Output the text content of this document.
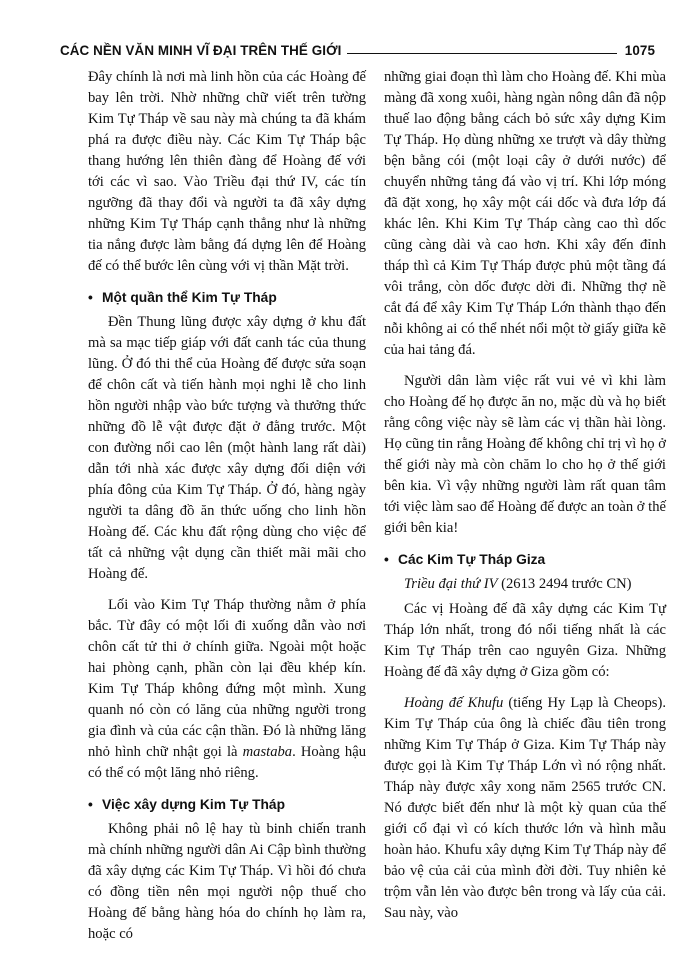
CÁC NỀN VĂN MINH VĨ ĐẠI TRÊN THẾ GIỚI	1075

Đây chính là nơi mà linh hồn của các Hoàng đế bay lên trời. Nhờ những chữ viết trên tường Kim Tự Tháp về sau này mà chúng ta đã khám phá ra được điều này. Các Kim Tự Tháp bậc thang hướng lên thiên đàng để Hoàng đế với tới các vì sao. Vào Triều đại thứ IV, các tín ngưỡng đã thay đổi và người ta đã xây dựng những Kim Tự Tháp cạnh thẳng như là những tia nắng được làm bằng đá dựng lên để Hoàng đế có thể bước lên cùng với vị thần Mặt trời.

• Một quần thể Kim Tự Tháp

Đền Thung lũng được xây dựng ở khu đất mà sa mạc tiếp giáp với đất canh tác của thung lũng. Ở đó thi thể của Hoàng đế được sửa soạn để chôn cất và tiến hành mọi nghi lễ cho linh hồn người nhập vào bức tượng và thưởng thức những đồ lễ vật được đặt ở đằng trước. Một con đường nổi cao lên (một hành lang rất dài) dẫn tới nhà xác được xây dựng đối diện với phía đông của Kim Tự Tháp. Ở đó, hàng ngày người ta dâng đồ ăn thức uống cho linh hồn Hoàng đế. Các khu đất rộng dùng cho việc để tất cả những vật dụng cần thiết mãi mãi cho Hoàng đế.

Lối vào Kim Tự Tháp thường nằm ở phía bắc. Từ đây có một lối đi xuống dẫn vào nơi chôn cất tử thi ở chính giữa. Ngoài một hoặc hai phòng cạnh, phần còn lại đều khép kín. Kim Tự Tháp không đứng một mình. Xung quanh nó còn có lăng của những người trong gia đình và của các cận thần. Đó là những lăng nhỏ hình chữ nhật gọi là mastaba. Hoàng hậu có thể có một lăng nhỏ riêng.

• Việc xây dựng Kim Tự Tháp

Không phải nô lệ hay tù binh chiến tranh mà chính những người dân Ai Cập bình thường đã xây dựng các Kim Tự Tháp. Vì hồi đó chưa có đồng tiền nên mọi người nộp thuế cho Hoàng đế bằng hàng hóa do chính họ làm ra, hoặc có

những giai đoạn thì làm cho Hoàng đế. Khi mùa màng đã xong xuôi, hàng ngàn nông dân đã nộp thuế lao động bằng cách bỏ sức xây dựng Kim Tự Tháp. Họ dùng những xe trượt và dây thừng bện bằng cói (một loại cây ở dưới nước) để chuyển những tảng đá vào vị trí. Khi lớp móng đã đặt xong, họ xây một cái dốc và đưa lớp đá khác lên. Khi Kim Tự Tháp càng cao thì dốc cũng càng dài và cao hơn. Khi xây đến đỉnh tháp thì cả Kim Tự Tháp được phủ một tầng đá vôi trắng, còn dốc được dời đi. Những thợ nề cắt đá để xây Kim Tự Tháp Lớn thành thạo đến nỗi không ai có thể nhét nổi một tờ giấy giữa kẽ của hai tảng đá.

Người dân làm việc rất vui vẻ vì khi làm cho Hoàng đế họ được ăn no, mặc dù và họ biết rằng công việc này sẽ làm các vị thần hài lòng. Họ cũng tin rằng Hoàng đế không chỉ trị vì họ ở thế giới này mà còn chăm lo cho họ ở thế giới bên kia. Vì vậy những người làm rất quan tâm tới việc làm sao để Hoàng đế được an toàn ở thế giới bên kia!

• Các Kim Tự Tháp Giza
Triều đại thứ IV (2613 2494 trước CN)

Các vị Hoàng đế đã xây dựng các Kim Tự Tháp lớn nhất, trong đó nổi tiếng nhất là các Kim Tự Tháp trên cao nguyên Giza. Những Hoàng đế đã xây dựng ở Giza gồm có:

Hoàng đế Khufu (tiếng Hy Lạp là Cheops). Kim Tự Tháp của ông là chiếc đầu tiên trong những Kim Tự Tháp ở Giza. Kim Tự Tháp này được gọi là Kim Tự Tháp Lớn vì nó rộng nhất. Tháp này được xây xong năm 2565 trước CN. Nó được biết đến như là một kỳ quan của thế giới cổ đại vì có kích thước lớn và hình mẫu hoàn hảo. Khufu xây dựng Kim Tự Tháp này để bảo vệ của cải của mình đời đời. Tuy nhiên kẻ trộm vẫn lẻn vào được bên trong và lấy của cải. Sau này, vào
